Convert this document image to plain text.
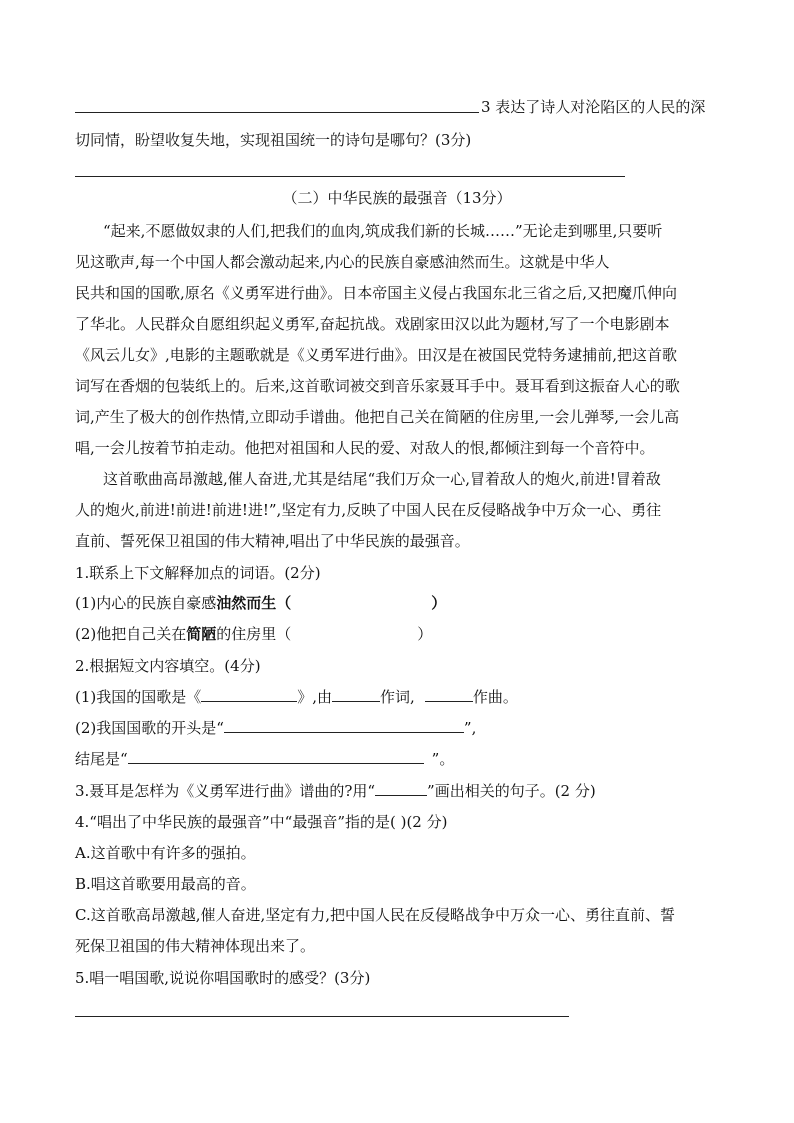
3 表达了诗人对沦陷区的人民的深
切同情，盼望收复失地，实现祖国统一的诗句是哪句？(3分)
（二）中华民族的最强音（13分）
“起来,不愿做奴隶的人们,把我们的血肉,筑成我们新的长城……”无论走到哪里,只要听
见这歌声,每一个中国人都会激动起来,内心的民族自豪感油然而生。这就是中华人
民共和国的国歌,原名《义勇军进行曲》。日本帝国主义侵占我国东北三省之后,又把魔爪伸向
了华北。人民群众自愿组织起义勇军,奋起抗战。戏剧家田汉以此为题材,写了一个电影剧本
《风云儿女》,电影的主题歌就是《义勇军进行曲》。田汉是在被国民党特务逮捕前,把这首歌
词写在香烟的包装纸上的。后来,这首歌词被交到音乐家聂耳手中。聂耳看到这振奋人心的歌
词,产生了极大的创作热情,立即动手谱曲。他把自己关在简陋的住房里,一会儿弹琴,一会儿高
唱,一会儿按着节拍走动。他把对祖国和人民的爱、对敌人的恨,都倾注到每一个音符中。
这首歌曲高昂激越,催人奋进,尤其是结尾“我们万众一心,冒着敌人的炮火,前进!冒着敌
人的炮火,前进!前进!前进!进!”,坚定有力,反映了中国人民在反侵略战争中万众一心、勇往
直前、誓死保卫祖国的伟大精神,唱出了中华民族的最强音。
1.联系上下文解释加点的词语。(2分)
(1)内心的民族自豪感油然而生（	）
(2)他把自己关在简陋的住房里（	）
2.根据短文内容填空。(4分)
(1)我国的国歌是《	》,由	作词,	作曲。
(2)我国国歌的开头是“	”,
结尾是“	”。
3.聂耳是怎样为《义勇军进行曲》谱曲的?用“	”画出相关的句子。(2 分)
4.“唱出了中华民族的最强音”中“最强音”指的是( )(2 分)
A.这首歌中有许多的强拍。
B.唱这首歌要用最高的音。
C.这首歌高昂激越,催人奋进,坚定有力,把中国人民在反侵略战争中万众一心、勇往直前、誓
死保卫祖国的伟大精神体现出来了。
5.唱一唱国歌,说说你唱国歌时的感受？(3分)
